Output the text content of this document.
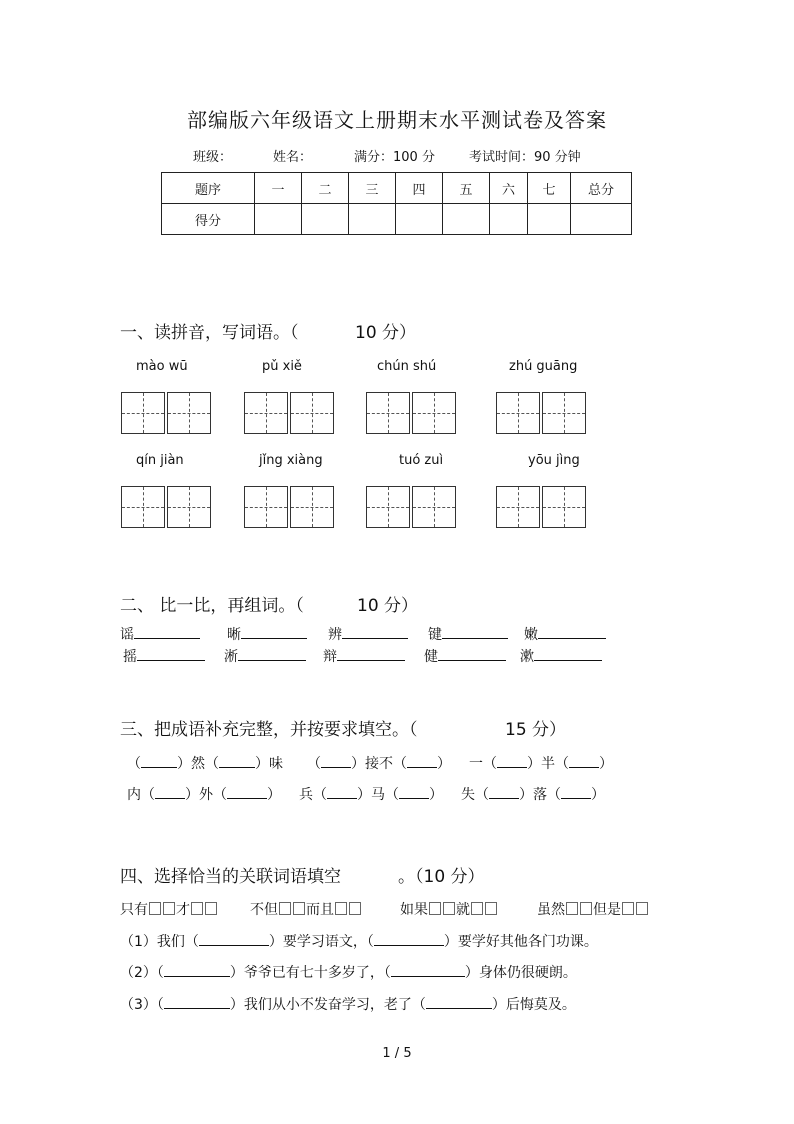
部编版六年级语文上册期末水平测试卷及答案
班级：	姓名：	满分：100 分	考试时间：90 分钟
题序	一	二	三	四	五	六	七	总分
得分								
一、读拼音，写词语。（	10 分）
mào wū	pǔ xiě	chún shú	zhú guāng
qín jiàn	jǐng xiàng	tuó zuì	yōu jìng
二、 比一比，再组词。（	10 分）
谣	晰	辨	键	嫩
摇	淅	辩	健	漱
三、把成语补充完整，并按要求填空。（	15 分）
（	）然（	）味 （ ）接不（ ） 一（ ）半（ ）
内（ ）外（	） 兵（ ）马（ ） 失（ ）落（ ）
四、选择恰当的关联词语填空	。（10 分）
只有 才	不但 而且	如果 就	虽然 但是
（1）我们（	）要学习语文，（	）要学好其他各门功课。
（2）（	）爷爷已有七十多岁了，（	）身体仍很硬朗。
（3）（	）我们从小不发奋学习，老了（	）后悔莫及。
1 / 5
